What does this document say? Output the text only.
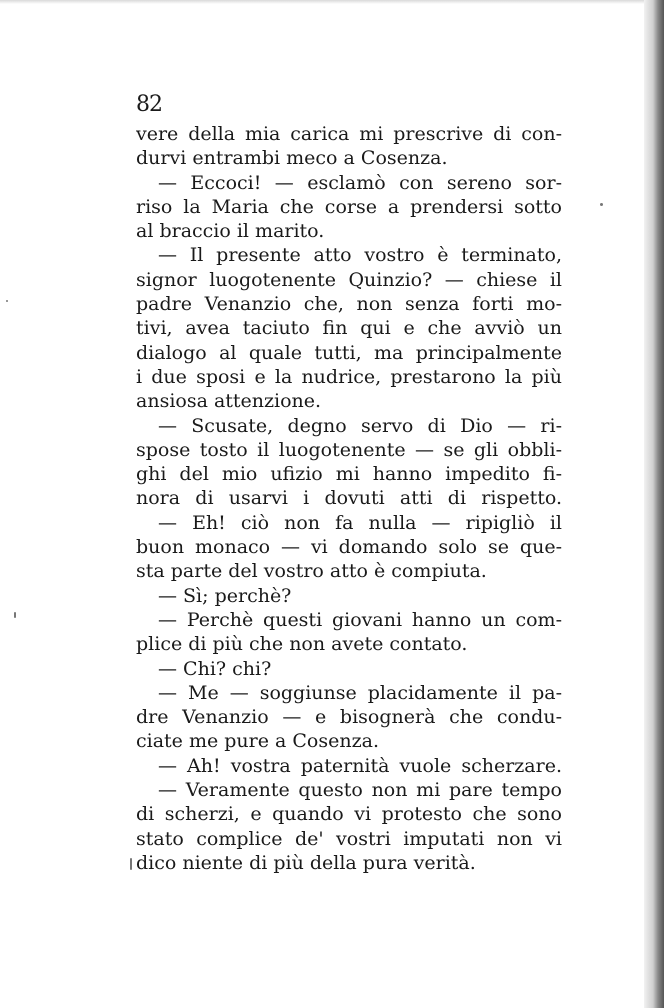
82
vere della mia carica mi prescrive di con-
durvi entrambi meco a Cosenza.
— Eccoci! — esclamò con sereno sor-
riso la Maria che corse a prendersi sotto
al braccio il marito.
— Il presente atto vostro è terminato,
signor luogotenente Quinzio? — chiese il
padre Venanzio che, non senza forti mo-
tivi, avea taciuto fin qui e che avviò un
dialogo al quale tutti, ma principalmente
i due sposi e la nudrice, prestarono la più
ansiosa attenzione.
— Scusate, degno servo di Dio — ri-
spose tosto il luogotenente — se gli obbli-
ghi del mio ufizio mi hanno impedito fi-
nora di usarvi i dovuti atti di rispetto.
— Eh! ciò non fa nulla — ripigliò il
buon monaco — vi domando solo se que-
sta parte del vostro atto è compiuta.
— Sì; perchè?
— Perchè questi giovani hanno un com-
plice di più che non avete contato.
— Chi? chi?
— Me — soggiunse placidamente il pa-
dre Venanzio — e bisognerà che condu-
ciate me pure a Cosenza.
— Ah! vostra paternità vuole scherzare.
— Veramente questo non mi pare tempo
di scherzi, e quando vi protesto che sono
stato complice de' vostri imputati non vi
dico niente di più della pura verità.
